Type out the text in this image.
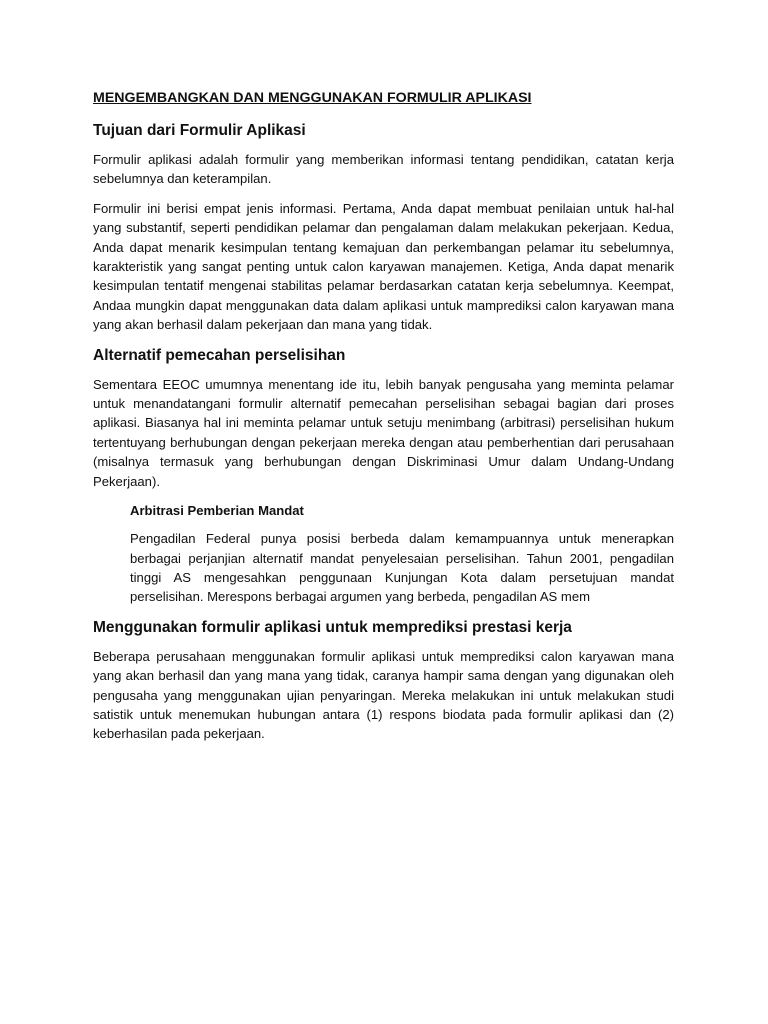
MENGEMBANGKAN DAN MENGGUNAKAN FORMULIR APLIKASI
Tujuan dari Formulir Aplikasi

Formulir aplikasi adalah formulir yang memberikan informasi tentang pendidikan, catatan kerja sebelumnya dan keterampilan.

Formulir ini berisi empat jenis informasi. Pertama, Anda dapat membuat penilaian untuk hal-hal yang substantif, seperti pendidikan pelamar dan pengalaman dalam melakukan pekerjaan. Kedua, Anda dapat menarik kesimpulan tentang kemajuan dan perkembangan pelamar itu sebelumnya, karakteristik yang sangat penting untuk calon karyawan manajemen. Ketiga, Anda dapat menarik kesimpulan tentatif mengenai stabilitas pelamar berdasarkan catatan kerja sebelumnya. Keempat, Andaa mungkin dapat menggunakan data dalam aplikasi untuk mamprediksi calon karyawan mana yang akan berhasil dalam pekerjaan dan mana yang tidak.

Alternatif pemecahan perselisihan

Sementara EEOC umumnya menentang ide itu, lebih banyak pengusaha yang meminta pelamar untuk menandatangani formulir alternatif pemecahan perselisihan sebagai bagian dari proses aplikasi. Biasanya hal ini meminta pelamar untuk setuju menimbang (arbitrasi) perselisihan hukum tertentuyang berhubungan dengan pekerjaan mereka dengan atau pemberhentian dari perusahaan (misalnya termasuk yang berhubungan dengan Diskriminasi Umur dalam Undang-Undang Pekerjaan).

Arbitrasi Pemberian Mandat

Pengadilan Federal punya posisi berbeda dalam kemampuannya untuk menerapkan berbagai perjanjian alternatif mandat penyelesaian perselisihan. Tahun 2001, pengadilan tinggi AS mengesahkan penggunaan Kunjungan Kota dalam persetujuan mandat perselisihan. Merespons berbagai argumen yang berbeda, pengadilan AS mem

Menggunakan formulir aplikasi untuk memprediksi prestasi kerja

Beberapa perusahaan menggunakan formulir aplikasi untuk memprediksi calon karyawan mana yang akan berhasil dan yang mana yang tidak, caranya hampir sama dengan yang digunakan oleh pengusaha yang menggunakan ujian penyaringan. Mereka melakukan ini untuk melakukan studi satistik untuk menemukan hubungan antara (1) respons biodata pada formulir aplikasi dan (2) keberhasilan pada pekerjaan.
